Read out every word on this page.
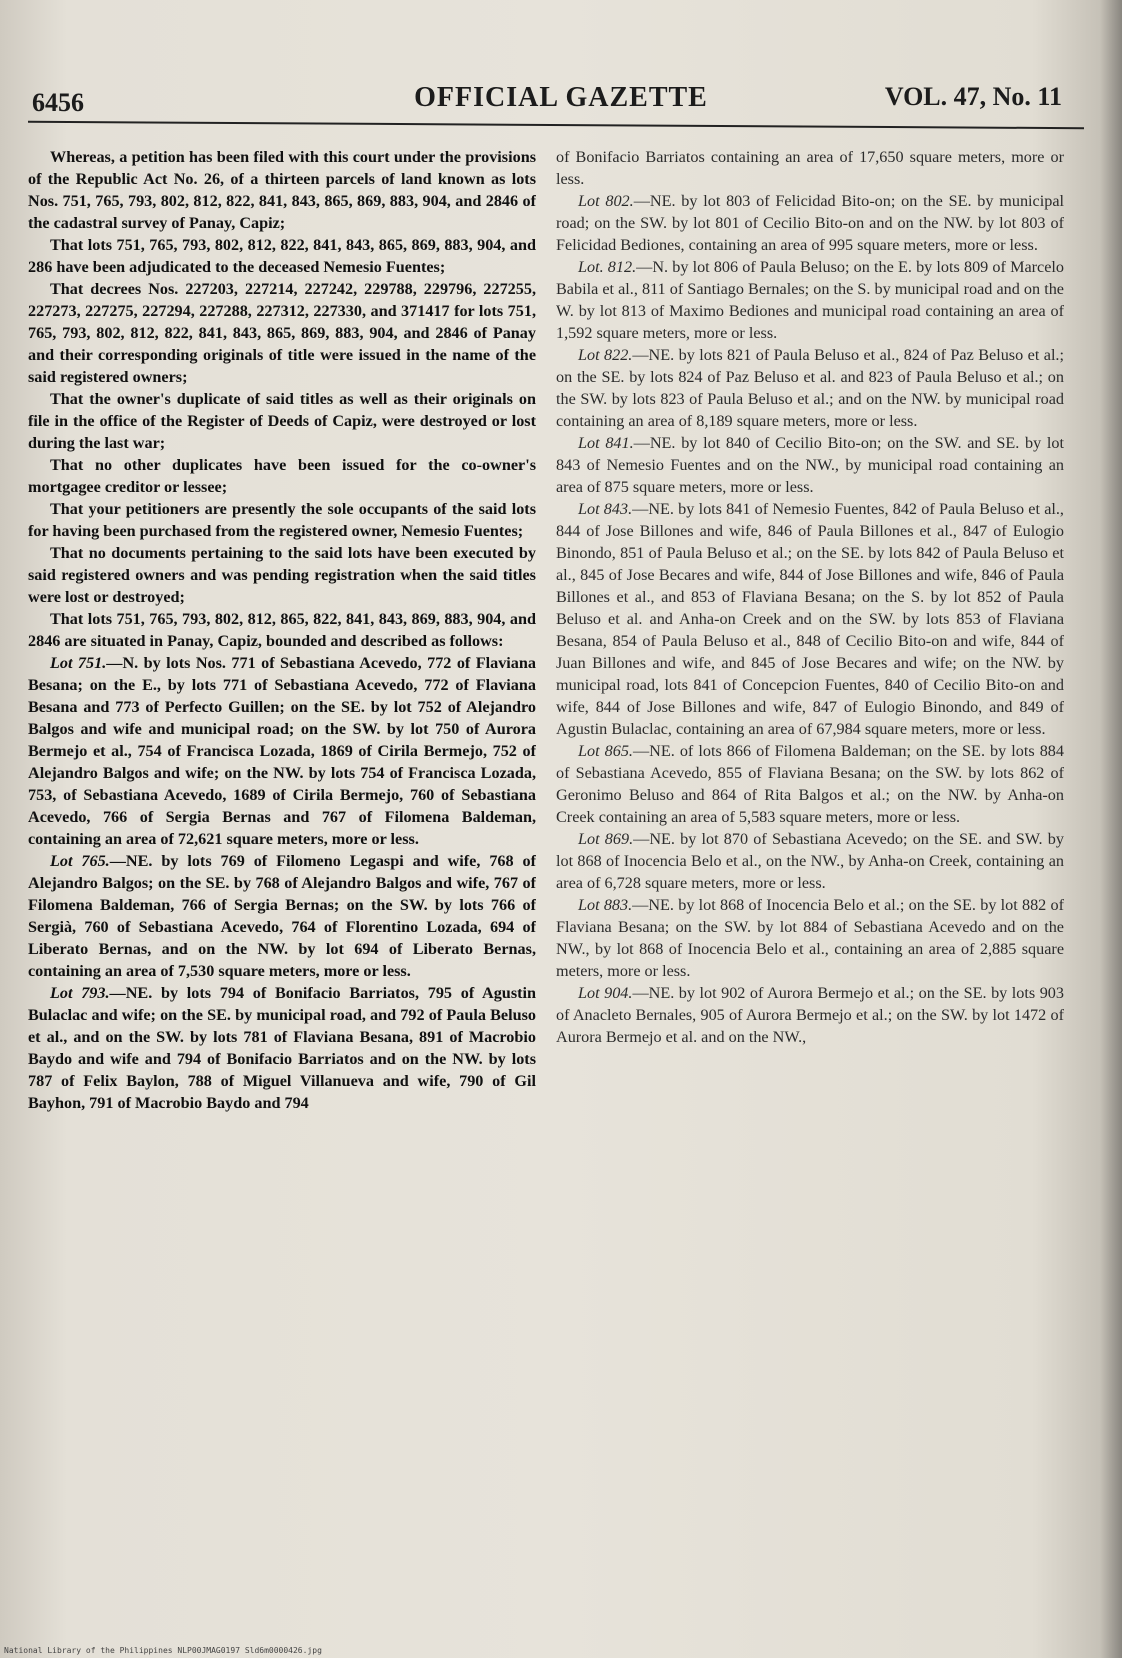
6456	OFFICIAL GAZETTE	VOL. 47, No. 11

Whereas, a petition has been filed with this court under the provisions of the Republic Act No. 26, of a thirteen parcels of land known as lots Nos. 751, 765, 793, 802, 812, 822, 841, 843, 865, 869, 883, 904, and 2846 of the cadastral survey of Panay, Capiz;

That lots 751, 765, 793, 802, 812, 822, 841, 843, 865, 869, 883, 904, and 286 have been adjudicated to the deceased Nemesio Fuentes;

That decrees Nos. 227203, 227214, 227242, 229788, 229796, 227255, 227273, 227275, 227294, 227288, 227312, 227330, and 371417 for lots 751, 765, 793, 802, 812, 822, 841, 843, 865, 869, 883, 904, and 2846 of Panay and their corresponding originals of title were issued in the name of the said registered owners;

That the owner's duplicate of said titles as well as their originals on file in the office of the Register of Deeds of Capiz, were destroyed or lost during the last war;

That no other duplicates have been issued for the co-owner's mortgagee creditor or lessee;

That your petitioners are presently the sole occupants of the said lots for having been purchased from the registered owner, Nemesio Fuentes;

That no documents pertaining to the said lots have been executed by said registered owners and was pending registration when the said titles were lost or destroyed;

That lots 751, 765, 793, 802, 812, 865, 822, 841, 843, 869, 883, 904, and 2846 are situated in Panay, Capiz, bounded and described as follows:

Lot 751.—N. by lots Nos. 771 of Sebastiana Acevedo, 772 of Flaviana Besana; on the E., by lots 771 of Sebastiana Acevedo, 772 of Flaviana Besana and 773 of Perfecto Guillen; on the SE. by lot 752 of Alejandro Balgos and wife and municipal road; on the SW. by lot 750 of Aurora Bermejo et al., 754 of Francisca Lozada, 1869 of Cirila Bermejo, 752 of Alejandro Balgos and wife; on the NW. by lots 754 of Francisca Lozada, 753, of Sebastiana Acevedo, 1689 of Cirila Bermejo, 760 of Sebastiana Acevedo, 766 of Sergia Bernas and 767 of Filomena Baldeman, containing an area of 72,621 square meters, more or less.

Lot 765.—NE. by lots 769 of Filomeno Legaspi and wife, 768 of Alejandro Balgos; on the SE. by 768 of Alejandro Balgos and wife, 767 of Filomena Baldeman, 766 of Sergia Bernas; on the SW. by lots 766 of Sergià, 760 of Sebastiana Acevedo, 764 of Florentino Lozada, 694 of Liberato Bernas, and on the NW. by lot 694 of Liberato Bernas, containing an area of 7,530 square meters, more or less.

Lot 793.—NE. by lots 794 of Bonifacio Barriatos, 795 of Agustin Bulaclac and wife; on the SE. by municipal road, and 792 of Paula Beluso et al., and on the SW. by lots 781 of Flaviana Besana, 891 of Macrobio Baydo and wife and 794 of Bonifacio Barriatos and on the NW. by lots 787 of Felix Baylon, 788 of Miguel Villanueva and wife, 790 of Gil Bayhon, 791 of Macrobio Baydo and 794

of Bonifacio Barriatos containing an area of 17,650 square meters, more or less.

Lot 802.—NE. by lot 803 of Felicidad Bito-on; on the SE. by municipal road; on the SW. by lot 801 of Cecilio Bito-on and on the NW. by lot 803 of Felicidad Bediones, containing an area of 995 square meters, more or less.

Lot. 812.—N. by lot 806 of Paula Beluso; on the E. by lots 809 of Marcelo Babila et al., 811 of Santiago Bernales; on the S. by municipal road and on the W. by lot 813 of Maximo Bediones and municipal road containing an area of 1,592 square meters, more or less.

Lot 822.—NE. by lots 821 of Paula Beluso et al., 824 of Paz Beluso et al.; on the SE. by lots 824 of Paz Beluso et al. and 823 of Paula Beluso et al.; on the SW. by lots 823 of Paula Beluso et al.; and on the NW. by municipal road containing an area of 8,189 square meters, more or less.

Lot 841.—NE. by lot 840 of Cecilio Bito-on; on the SW. and SE. by lot 843 of Nemesio Fuentes and on the NW., by municipal road containing an area of 875 square meters, more or less.

Lot 843.—NE. by lots 841 of Nemesio Fuentes, 842 of Paula Beluso et al., 844 of Jose Billones and wife, 846 of Paula Billones et al., 847 of Eulogio Binondo, 851 of Paula Beluso et al.; on the SE. by lots 842 of Paula Beluso et al., 845 of Jose Becares and wife, 844 of Jose Billones and wife, 846 of Paula Billones et al., and 853 of Flaviana Besana; on the S. by lot 852 of Paula Beluso et al. and Anha-on Creek and on the SW. by lots 853 of Flaviana Besana, 854 of Paula Beluso et al., 848 of Cecilio Bito-on and wife, 844 of Juan Billones and wife, and 845 of Jose Becares and wife; on the NW. by municipal road, lots 841 of Concepcion Fuentes, 840 of Cecilio Bito-on and wife, 844 of Jose Billones and wife, 847 of Eulogio Binondo, and 849 of Agustin Bulaclac, containing an area of 67,984 square meters, more or less.

Lot 865.—NE. of lots 866 of Filomena Baldeman; on the SE. by lots 884 of Sebastiana Acevedo, 855 of Flaviana Besana; on the SW. by lots 862 of Geronimo Beluso and 864 of Rita Balgos et al.; on the NW. by Anha-on Creek containing an area of 5,583 square meters, more or less.

Lot 869.—NE. by lot 870 of Sebastiana Acevedo; on the SE. and SW. by lot 868 of Inocencia Belo et al., on the NW., by Anha-on Creek, containing an area of 6,728 square meters, more or less.

Lot 883.—NE. by lot 868 of Inocencia Belo et al.; on the SE. by lot 882 of Flaviana Besana; on the SW. by lot 884 of Sebastiana Acevedo and on the NW., by lot 868 of Inocencia Belo et al., containing an area of 2,885 square meters, more or less.

Lot 904.—NE. by lot 902 of Aurora Bermejo et al.; on the SE. by lots 903 of Anacleto Bernales, 905 of Aurora Bermejo et al.; on the SW. by lot 1472 of Aurora Bermejo et al. and on the NW.,

National Library of the Philippines NLP00JMAG0197 Sld6m0000426.jpg
